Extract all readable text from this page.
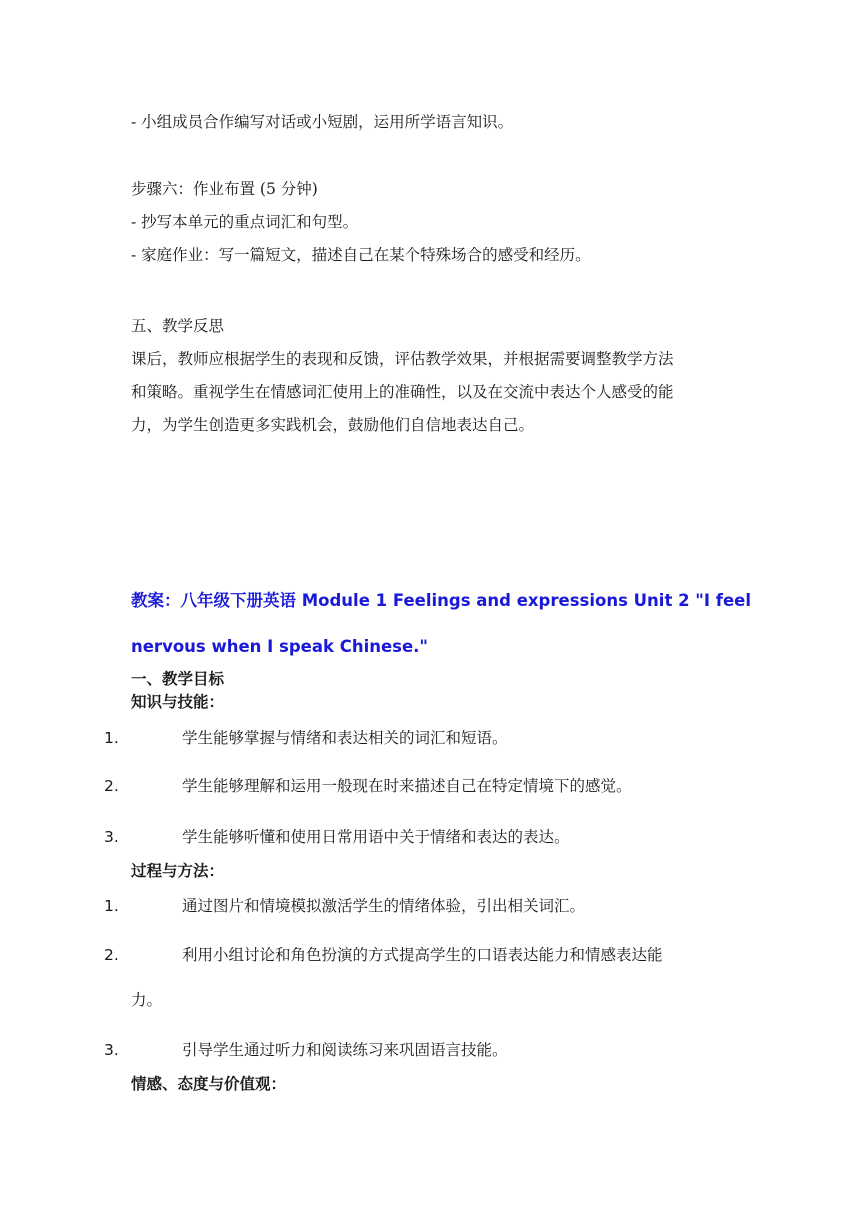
- 小组成员合作编写对话或小短剧，运用所学语言知识。
步骤六：作业布置 (5 分钟)
- 抄写本单元的重点词汇和句型。
- 家庭作业：写一篇短文，描述自己在某个特殊场合的感受和经历。
五、教学反思
课后，教师应根据学生的表现和反馈，评估教学效果，并根据需要调整教学方法
和策略。重视学生在情感词汇使用上的准确性，以及在交流中表达个人感受的能
力，为学生创造更多实践机会，鼓励他们自信地表达自己。
教案：八年级下册英语 Module 1 Feelings and expressions Unit 2 "I feel
nervous when I speak Chinese."
一、教学目标
知识与技能：
1.	学生能够掌握与情绪和表达相关的词汇和短语。
2.	学生能够理解和运用一般现在时来描述自己在特定情境下的感觉。
3.	学生能够听懂和使用日常用语中关于情绪和表达的表达。
过程与方法：
1.	通过图片和情境模拟激活学生的情绪体验，引出相关词汇。
2.	利用小组讨论和角色扮演的方式提高学生的口语表达能力和情感表达能
力。
3.	引导学生通过听力和阅读练习来巩固语言技能。
情感、态度与价值观：
